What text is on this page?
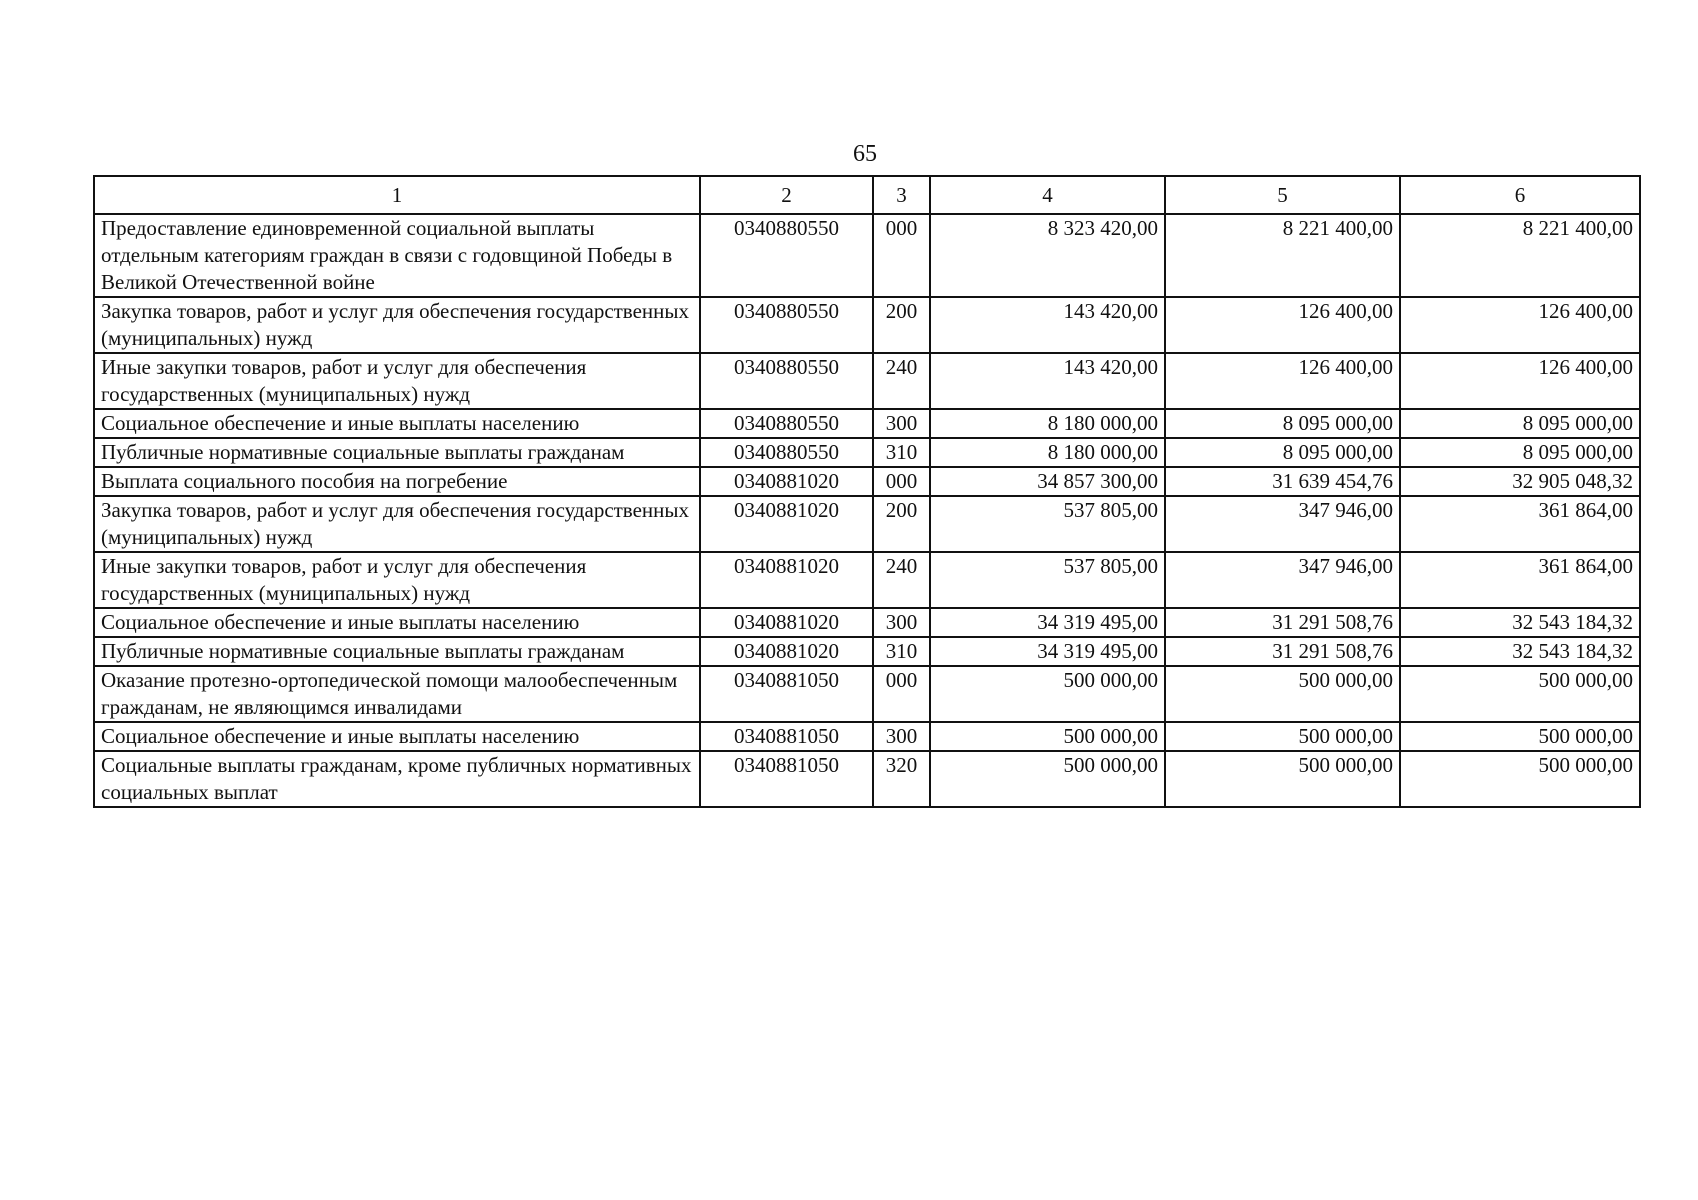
65
1	2	3	4	5	6
Предоставление единовременной социальной выплаты отдельным категориям граждан в связи с годовщиной Победы в Великой Отечественной войне	0340880550	000	8 323 420,00	8 221 400,00	8 221 400,00
Закупка товаров, работ и услуг для обеспечения государственных (муниципальных) нужд	0340880550	200	143 420,00	126 400,00	126 400,00
Иные закупки товаров, работ и услуг для обеспечения государственных (муниципальных) нужд	0340880550	240	143 420,00	126 400,00	126 400,00
Социальное обеспечение и иные выплаты населению	0340880550	300	8 180 000,00	8 095 000,00	8 095 000,00
Публичные нормативные социальные выплаты гражданам	0340880550	310	8 180 000,00	8 095 000,00	8 095 000,00
Выплата социального пособия на погребение	0340881020	000	34 857 300,00	31 639 454,76	32 905 048,32
Закупка товаров, работ и услуг для обеспечения государственных (муниципальных) нужд	0340881020	200	537 805,00	347 946,00	361 864,00
Иные закупки товаров, работ и услуг для обеспечения государственных (муниципальных) нужд	0340881020	240	537 805,00	347 946,00	361 864,00
Социальное обеспечение и иные выплаты населению	0340881020	300	34 319 495,00	31 291 508,76	32 543 184,32
Публичные нормативные социальные выплаты гражданам	0340881020	310	34 319 495,00	31 291 508,76	32 543 184,32
Оказание протезно-ортопедической помощи малообеспеченным гражданам, не являющимся инвалидами	0340881050	000	500 000,00	500 000,00	500 000,00
Социальное обеспечение и иные выплаты населению	0340881050	300	500 000,00	500 000,00	500 000,00
Социальные выплаты гражданам, кроме публичных нормативных социальных выплат	0340881050	320	500 000,00	500 000,00	500 000,00
